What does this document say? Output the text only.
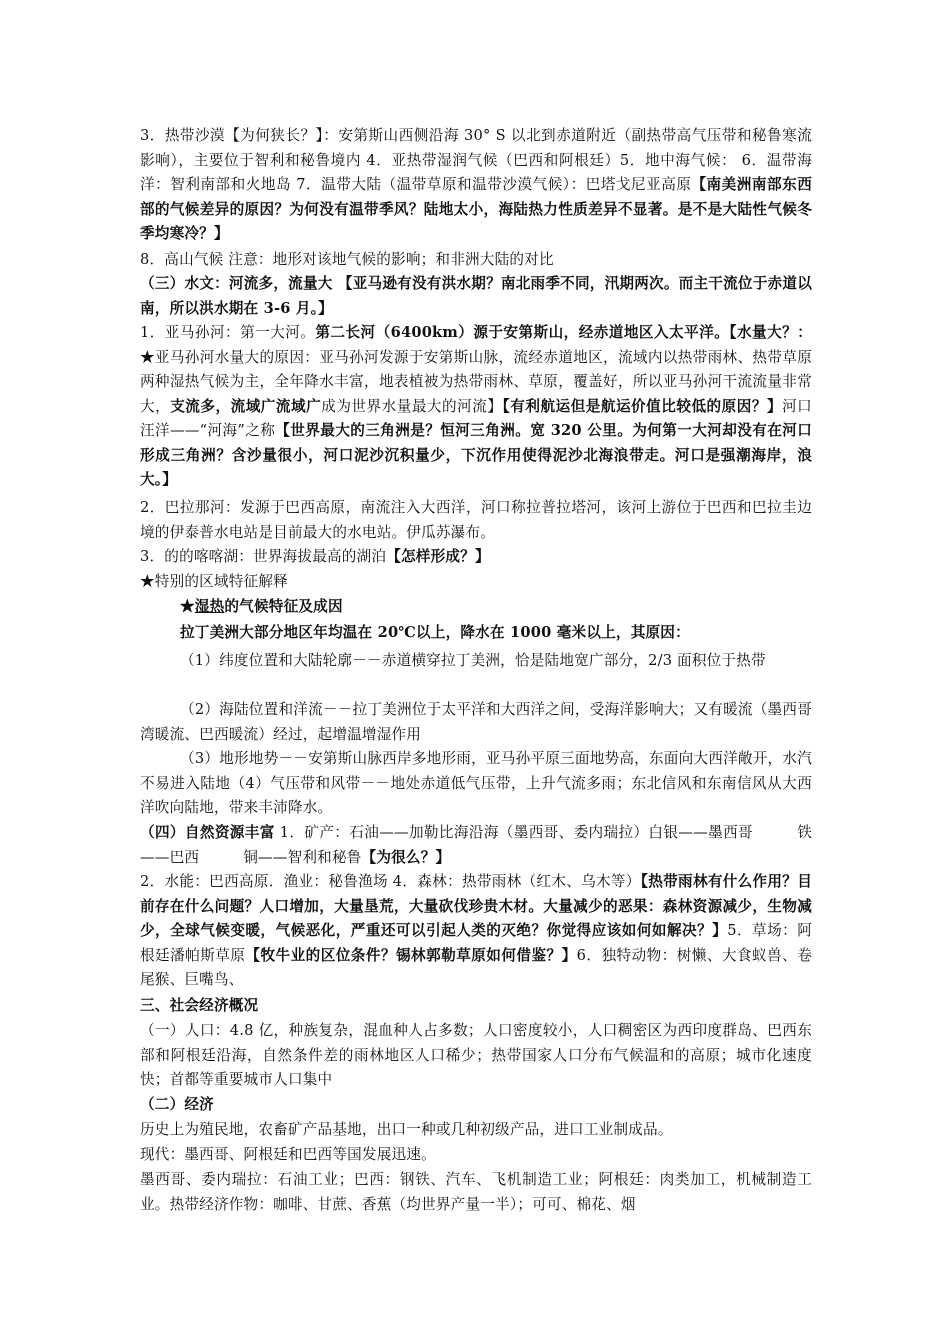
3．热带沙漠【为何狭长？】：安第斯山西侧沿海 30° S 以北到赤道附近（副热带高气压带和秘鲁寒流影响），主要位于智利和秘鲁境内 4．亚热带湿润气候（巴西和阿根廷）5．地中海气候： 6．温带海洋：智利南部和火地岛 7．温带大陆（温带草原和温带沙漠气候）：巴塔戈尼亚高原【南美洲南部东西部的气候差异的原因？为何没有温带季风？陆地太小，海陆热力性质差异不显著。是不是大陆性气候冬季均寒冷？】

8．高山气候 注意：地形对该地气候的影响；和非洲大陆的对比

（三）水文：河流多，流量大 【亚马逊有没有洪水期？南北雨季不同，汛期两次。而主干流位于赤道以南，所以洪水期在 3-6 月。】

1．亚马孙河：第一大河。第二长河（6400km）源于安第斯山，经赤道地区入太平洋。【水量大？：★亚马孙河水量大的原因：亚马孙河发源于安第斯山脉，流经赤道地区，流域内以热带雨林、热带草原两种湿热气候为主，全年降水丰富，地表植被为热带雨林、草原，覆盖好，所以亚马孙河干流流量非常大，支流多，流域广流域广成为世界水量最大的河流】【有利航运但是航运价值比较低的原因？】河口汪洋——“河海”之称【世界最大的三角洲是？恒河三角洲。宽 320 公里。为何第一大河却没有在河口形成三角洲？含沙量很小，河口泥沙沉积量少，下沉作用使得泥沙北海浪带走。河口是强潮海岸，浪大。】

2．巴拉那河：发源于巴西高原，南流注入大西洋，河口称拉普拉塔河，该河上游位于巴西和巴拉圭边境的伊泰普水电站是目前最大的水电站。伊瓜苏瀑布。

3．的的喀喀湖：世界海拔最高的湖泊【怎样形成？】

★特别的区域特征解释

★湿热的气候特征及成因

拉丁美洲大部分地区年均温在 20℃以上，降水在 1000 毫米以上，其原因：

（1）纬度位置和大陆轮廓－－赤道横穿拉丁美洲，恰是陆地宽广部分，2/3 面积位于热带

（2）海陆位置和洋流－－拉丁美洲位于太平洋和大西洋之间，受海洋影响大；又有暖流（墨西哥湾暖流、巴西暖流）经过，起增温增湿作用

（3）地形地势－－安第斯山脉西岸多地形雨，亚马孙平原三面地势高，东面向大西洋敞开，水汽不易进入陆地（4）气压带和风带－－地处赤道低气压带，上升气流多雨；东北信风和东南信风从大西洋吹向陆地，带来丰沛降水。

（四）自然资源丰富 1．矿产：石油——加勒比海沿海（墨西哥、委内瑞拉）白银——墨西哥	铁——巴西	铜——智利和秘鲁【为很么？】

2．水能：巴西高原．渔业：秘鲁渔场 4．森林：热带雨林（红木、乌木等）【热带雨林有什么作用？目前存在什么问题？人口增加，大量垦荒，大量砍伐珍贵木材。大量减少的恶果：森林资源减少，生物减少，全球气候变暖，气候恶化，严重还可以引起人类的灭绝？你觉得应该如何如解决？】5．草场：阿根廷潘帕斯草原【牧牛业的区位条件？锡林郭勒草原如何借鉴？】6．独特动物：树懒、大食蚁兽、卷尾猴、巨嘴鸟、

三、社会经济概况

（一）人口：4.8 亿，种族复杂，混血种人占多数；人口密度较小，人口稠密区为西印度群岛、巴西东部和阿根廷沿海，自然条件差的雨林地区人口稀少；热带国家人口分布气候温和的高原；城市化速度快；首都等重要城市人口集中

（二）经济

历史上为殖民地，农畜矿产品基地，出口一种或几种初级产品，进口工业制成品。

现代：墨西哥、阿根廷和巴西等国发展迅速。

墨西哥、委内瑞拉：石油工业；巴西：钢铁、汽车、飞机制造工业；阿根廷：肉类加工，机械制造工业。热带经济作物：咖啡、甘蔗、香蕉（均世界产量一半）；可可、棉花、烟
